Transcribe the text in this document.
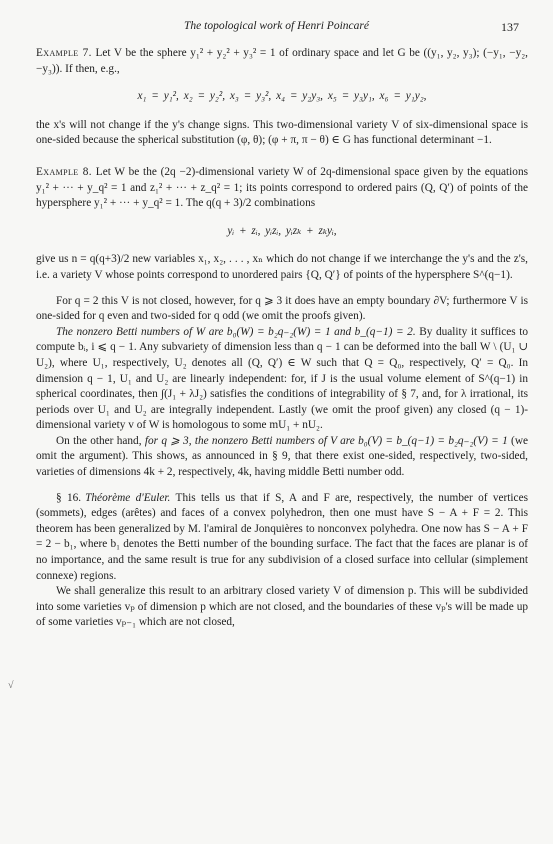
The topological work of Henri Poincaré	137
√

Example 7. Let V be the sphere y₁² + y₂² + y₃² = 1 of ordinary space and let G be ((y₁, y₂, y₃); (−y₁, −y₂, −y₃)). If then, e.g.,

x₁ = y₁², x₂ = y₂², x₃ = y₃², x₄ = y₂y₃, x₅ = y₃y₁, x₆ = y₁y₂,

the x's will not change if the y's change signs. This two-dimensional variety V of six-dimensional space is one-sided because the spherical substitution (φ, θ); (φ + π, π − θ) ∈ G has functional determinant −1.

Example 8. Let W be the (2q −2)-dimensional variety W of 2q-dimensional space given by the equations y₁² + ··· + y_q² = 1 and z₁² + ··· + z_q² = 1; its points correspond to ordered pairs (Q, Q′) of points of the hypersphere y₁² + ··· + y_q² = 1. The q(q + 3)/2 combinations

yᵢ + zᵢ, yᵢzᵢ, yᵢzₖ + zₖyᵢ,

give us n = q(q+3)/2 new variables x₁, x₂, . . . , xₙ which do not change if we interchange the y's and the z's, i.e. a variety V whose points correspond to unordered pairs {Q, Q′} of points of the hypersphere S^(q−1).

For q = 2 this V is not closed, however, for q ⩾ 3 it does have an empty boundary ∂V; furthermore V is one-sided for q even and two-sided for q odd (we omit the proofs given).

The nonzero Betti numbers of W are b₀(W) = b₂q₋₂(W) = 1 and b_(q−1) = 2. By duality it suffices to compute bᵢ, i ⩽ q − 1. Any subvariety of dimension less than q − 1 can be deformed into the ball W \ (U₁ ∪ U₂), where U₁, respectively, U₂ denotes all (Q, Q′) ∈ W such that Q = Q₀, respectively, Q′ = Q₀. In dimension q − 1, U₁ and U₂ are linearly independent: for, if J is the usual volume element of S^(q−1) in spherical coordinates, then ∫(J₁ + λJ₂) satisfies the conditions of integrability of § 7, and, for λ irrational, its periods over U₁ and U₂ are integrally independent. Lastly (we omit the proof given) any closed (q − 1)-dimensional variety v of W is homologous to some mU₁ + nU₂.

On the other hand, for q ⩾ 3, the nonzero Betti numbers of V are b₀(V) = b_(q−1) = b₂q₋₂(V) = 1 (we omit the argument). This shows, as announced in § 9, that there exist one-sided, respectively, two-sided, varieties of dimensions 4k + 2, respectively, 4k, having middle Betti number odd.

§ 16. Théorème d'Euler. This tells us that if S, A and F are, respectively, the number of vertices (sommets), edges (arêtes) and faces of a convex polyhedron, then one must have S − A + F = 2. This theorem has been generalized by M. l'amiral de Jonquières to nonconvex polyhedra. One now has S − A + F = 2 − b₁, where b₁ denotes the Betti number of the bounding surface. The fact that the faces are planar is of no importance, and the same result is true for any subdivision of a closed surface into cellular (simplement connexe) regions.

We shall generalize this result to an arbitrary closed variety V of dimension p. This will be subdivided into some varieties vₚ of dimension p which are not closed, and the boundaries of these vₚ's will be made up of some varieties vₚ₋₁ which are not closed,
